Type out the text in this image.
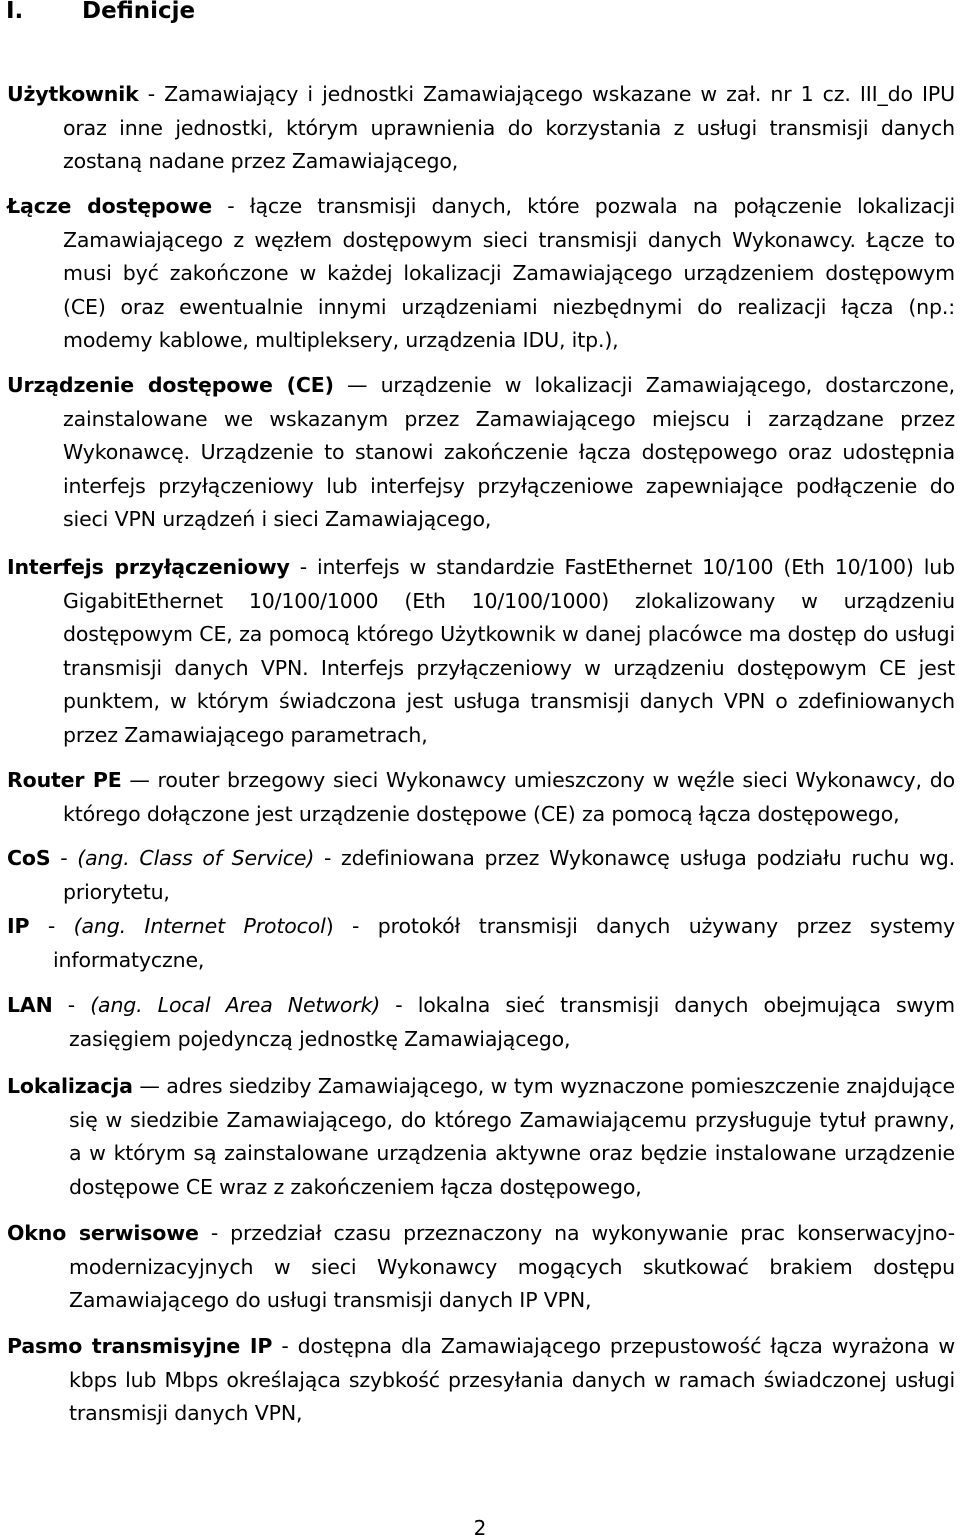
I.	Definicje
Użytkownik - Zamawiający i jednostki Zamawiającego wskazane w zał. nr 1 cz. III_do IPU oraz inne jednostki, którym uprawnienia do korzystania z usługi transmisji danych zostaną nadane przez Zamawiającego,
Łącze dostępowe - łącze transmisji danych, które pozwala na połączenie lokalizacji Zamawiającego z węzłem dostępowym sieci transmisji danych Wykonawcy. Łącze to musi być zakończone w każdej lokalizacji Zamawiającego urządzeniem dostępowym (CE) oraz ewentualnie innymi urządzeniami niezbędnymi do realizacji łącza (np.: modemy kablowe, multipleksery, urządzenia IDU, itp.),
Urządzenie dostępowe (CE) — urządzenie w lokalizacji Zamawiającego, dostarczone, zainstalowane we wskazanym przez Zamawiającego miejscu i zarządzane przez Wykonawcę. Urządzenie to stanowi zakończenie łącza dostępowego oraz udostępnia interfejs przyłączeniowy lub interfejsy przyłączeniowe zapewniające podłączenie do sieci VPN urządzeń i sieci Zamawiającego,
Interfejs przyłączeniowy - interfejs w standardzie FastEthernet 10/100 (Eth 10/100) lub GigabitEthernet 10/100/1000 (Eth 10/100/1000) zlokalizowany w urządzeniu dostępowym CE, za pomocą którego Użytkownik w danej placówce ma dostęp do usługi transmisji danych VPN. Interfejs przyłączeniowy w urządzeniu dostępowym CE jest punktem, w którym świadczona jest usługa transmisji danych VPN o zdefiniowanych przez Zamawiającego parametrach,
Router PE — router brzegowy sieci Wykonawcy umieszczony w węźle sieci Wykonawcy, do którego dołączone jest urządzenie dostępowe (CE) za pomocą łącza dostępowego,
CoS - (ang. Class of Service) - zdefiniowana przez Wykonawcę usługa podziału ruchu wg. priorytetu,
IP - (ang. Internet Protocol) - protokół transmisji danych używany przez systemy informatyczne,
LAN - (ang. Local Area Network) - lokalna sieć transmisji danych obejmująca swym zasięgiem pojedynczą jednostkę Zamawiającego,
Lokalizacja — adres siedziby Zamawiającego, w tym wyznaczone pomieszczenie znajdujące się w siedzibie Zamawiającego, do którego Zamawiającemu przysługuje tytuł prawny, a w którym są zainstalowane urządzenia aktywne oraz będzie instalowane urządzenie dostępowe CE wraz z zakończeniem łącza dostępowego,
Okno serwisowe - przedział czasu przeznaczony na wykonywanie prac konserwacyjno-modernizacyjnych w sieci Wykonawcy mogących skutkować brakiem dostępu Zamawiającego do usługi transmisji danych IP VPN,
Pasmo transmisyjne IP - dostępna dla Zamawiającego przepustowość łącza wyrażona w kbps lub Mbps określająca szybkość przesyłania danych w ramach świadczonej usługi transmisji danych VPN,
2
